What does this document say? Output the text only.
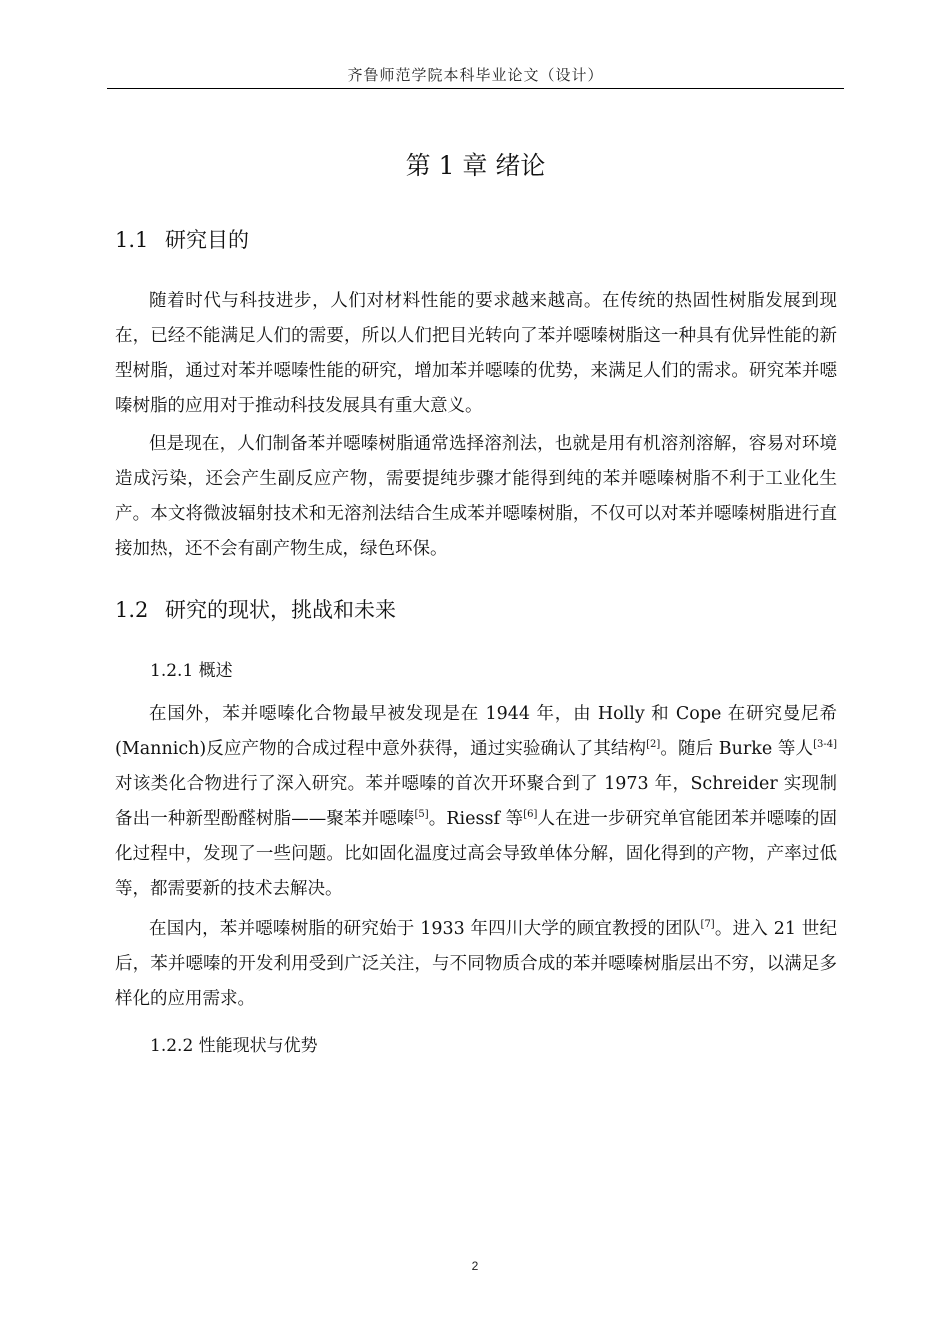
齐鲁师范学院本科毕业论文（设计）
第 1 章 绪论
1.1 研究目的

随着时代与科技进步，人们对材料性能的要求越来越高。在传统的热固性树脂发展到现在，已经不能满足人们的需要，所以人们把目光转向了苯并噁嗪树脂这一种具有优异性能的新型树脂，通过对苯并噁嗪性能的研究，增加苯并噁嗪的优势，来满足人们的需求。研究苯并噁嗪树脂的应用对于推动科技发展具有重大意义。

但是现在，人们制备苯并噁嗪树脂通常选择溶剂法，也就是用有机溶剂溶解，容易对环境造成污染，还会产生副反应产物，需要提纯步骤才能得到纯的苯并噁嗪树脂不利于工业化生产。本文将微波辐射技术和无溶剂法结合生成苯并噁嗪树脂，不仅可以对苯并噁嗪树脂进行直接加热，还不会有副产物生成，绿色环保。

1.2 研究的现状，挑战和未来
1.2.1 概述

在国外，苯并噁嗪化合物最早被发现是在 1944 年，由 Holly 和 Cope 在研究曼尼希(Mannich)反应产物的合成过程中意外获得，通过实验确认了其结构[2]。随后 Burke 等人[3-4]对该类化合物进行了深入研究。苯并噁嗪的首次开环聚合到了 1973 年，Schreider 实现制备出一种新型酚醛树脂——聚苯并噁嗪[5]。Riessf 等[6]人在进一步研究单官能团苯并噁嗪的固化过程中，发现了一些问题。比如固化温度过高会导致单体分解，固化得到的产物，产率过低等，都需要新的技术去解决。

在国内，苯并噁嗪树脂的研究始于 1933 年四川大学的顾宜教授的团队[7]。进入 21 世纪后，苯并噁嗪的开发利用受到广泛关注，与不同物质合成的苯并噁嗪树脂层出不穷，以满足多样化的应用需求。

1.2.2 性能现状与优势
2
